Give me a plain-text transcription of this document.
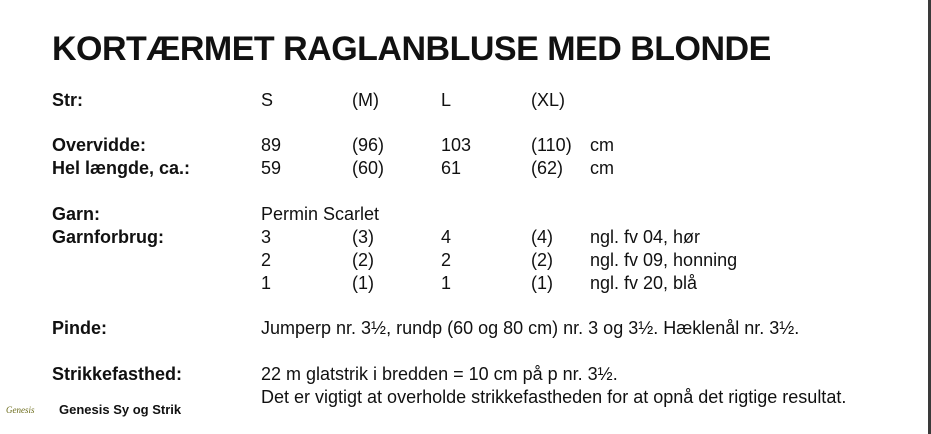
KORTÆRMET RAGLANBLUSE MED BLONDE
Str:	S	(M)	L	(XL)
Overvidde:	89	(96)	103	(110) cm
Hel længde, ca.:	59	(60)	61	(62) cm
Garn:	Permin Scarlet
Garnforbrug:	3	(3)	4	(4) ngl. fv 04, hør
2	(2)	2	(2) ngl. fv 09, honning
1	(1)	1	(1) ngl. fv 20, blå
Pinde:	Jumperp nr. 3½, rundp (60 og 80 cm) nr. 3 og 3½. Hæklenål nr. 3½.
Strikkefasthed:	22 m glatstrik i bredden = 10 cm på p nr. 3½.
Det er vigtigt at overholde strikkefastheden for at opnå det rigtige resultat.
Genesis Genesis Sy og Strik
